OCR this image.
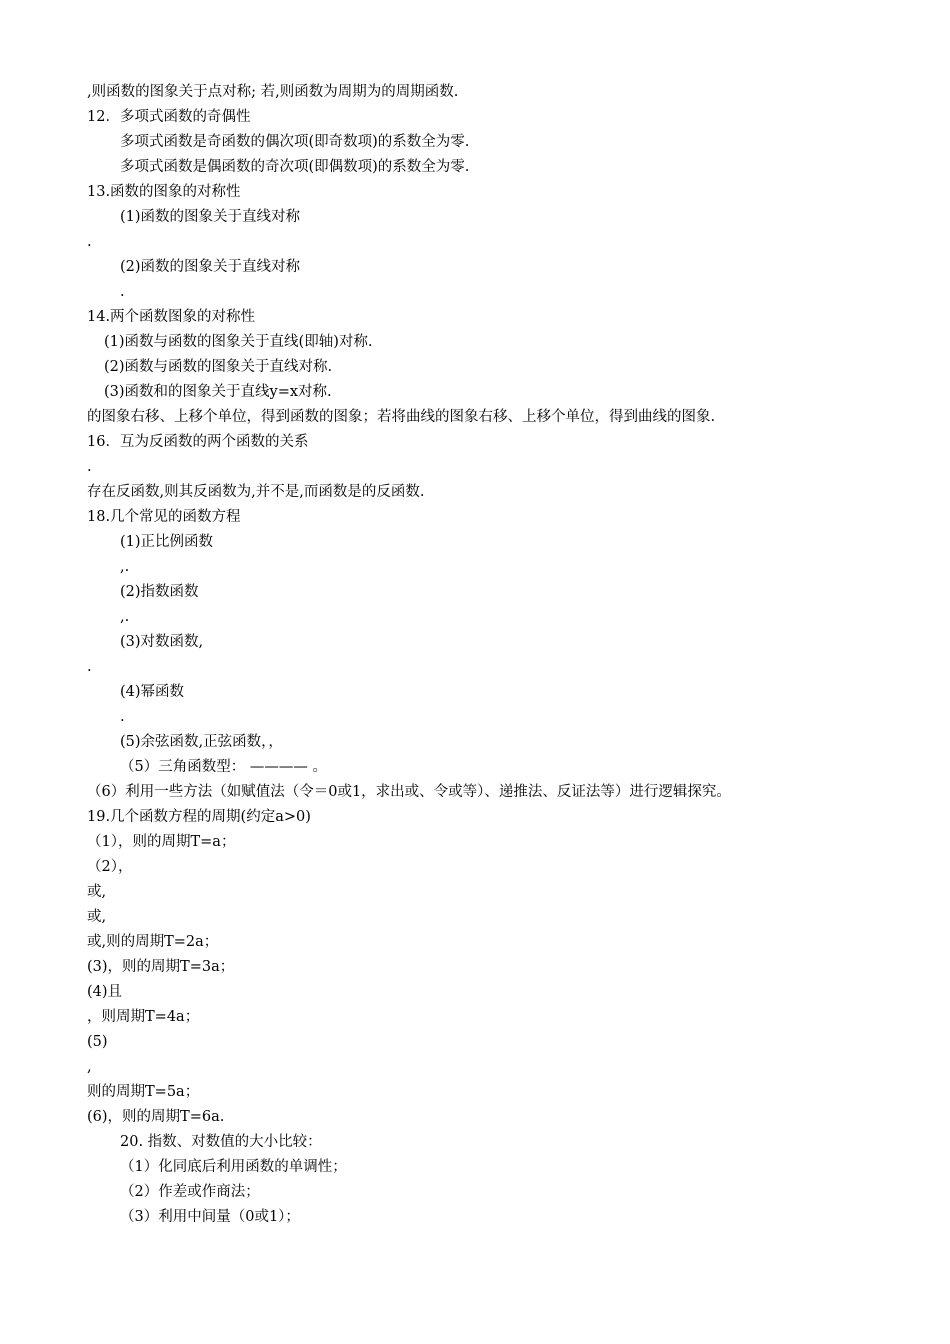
,则函数的图象关于点对称; 若,则函数为周期为的周期函数.
12．多项式函数的奇偶性
多项式函数是奇函数的偶次项(即奇数项)的系数全为零.
多项式函数是偶函数的奇次项(即偶数项)的系数全为零.
13.函数的图象的对称性
(1)函数的图象关于直线对称
.
(2)函数的图象关于直线对称
.
14.两个函数图象的对称性
(1)函数与函数的图象关于直线(即轴)对称.
(2)函数与函数的图象关于直线对称.
(3)函数和的图象关于直线y=x对称.
的图象右移、上移个单位，得到函数的图象；若将曲线的图象右移、上移个单位，得到曲线的图象.
16．互为反函数的两个函数的关系
.
存在反函数,则其反函数为,并不是,而函数是的反函数.
18.几个常见的函数方程
(1)正比例函数
,.
(2)指数函数
,.
(3)对数函数,
.
(4)幂函数
.
(5)余弦函数,正弦函数，，
（5）三角函数型： ———— 。
（6）利用一些方法（如赋值法（令＝0或1，求出或、令或等）、递推法、反证法等）进行逻辑探究。
19.几个函数方程的周期(约定a>0)
（1），则的周期T=a；
（2），
或,
或,
或,则的周期T=2a；
(3)，则的周期T=3a；
(4)且
，则周期T=4a；
(5)
,
则的周期T=5a；
(6)，则的周期T=6a.
20. 指数、对数值的大小比较：
（1）化同底后利用函数的单调性；
（2）作差或作商法；
（3）利用中间量（0或1）；
